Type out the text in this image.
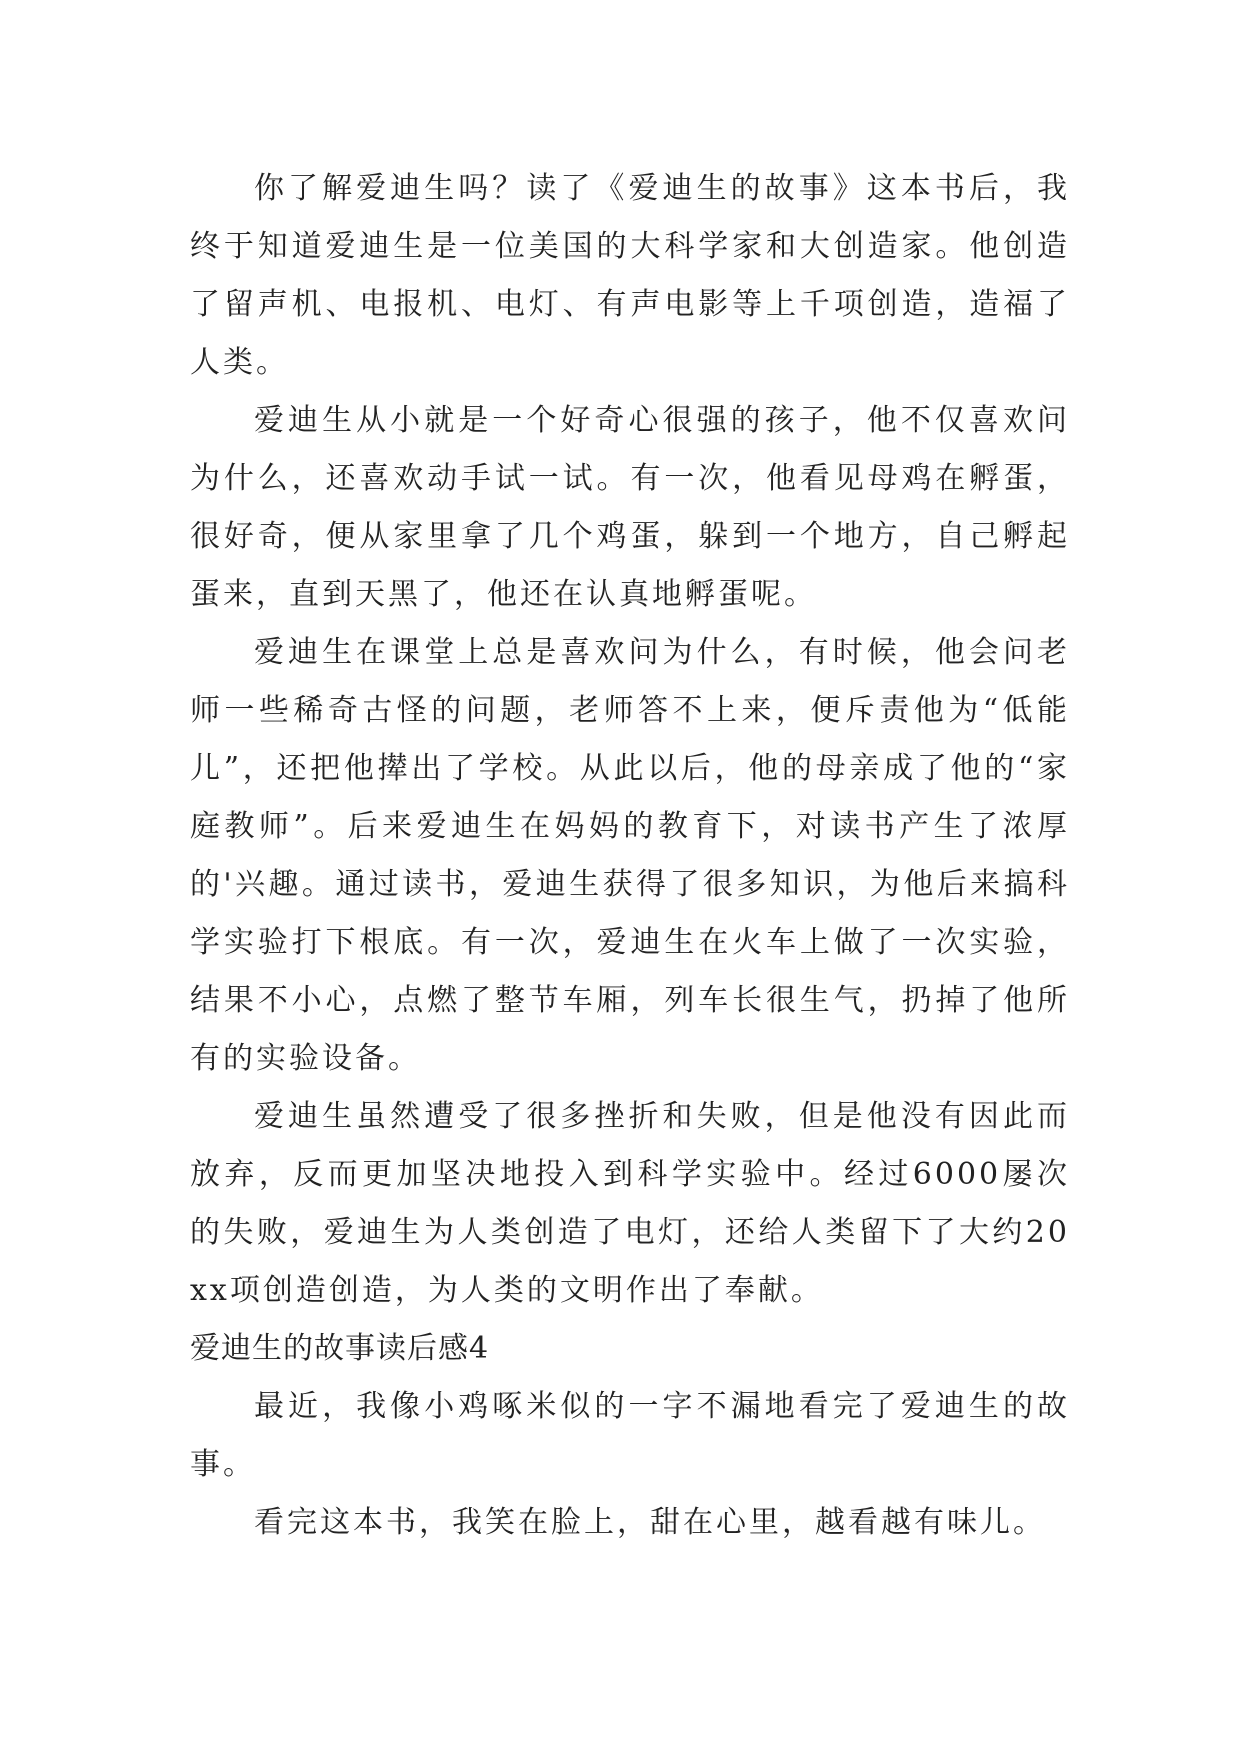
你了解爱迪生吗？读了《爱迪生的故事》这本书后，我终于知道爱迪生是一位美国的大科学家和大创造家。他创造了留声机、电报机、电灯、有声电影等上千项创造，造福了人类。

爱迪生从小就是一个好奇心很强的孩子，他不仅喜欢问为什么，还喜欢动手试一试。有一次，他看见母鸡在孵蛋，很好奇，便从家里拿了几个鸡蛋，躲到一个地方，自己孵起蛋来，直到天黑了，他还在认真地孵蛋呢。

爱迪生在课堂上总是喜欢问为什么，有时候，他会问老师一些稀奇古怪的问题，老师答不上来，便斥责他为“低能儿”，还把他撵出了学校。从此以后，他的母亲成了他的“家庭教师”。后来爱迪生在妈妈的教育下，对读书产生了浓厚的'兴趣。通过读书，爱迪生获得了很多知识，为他后来搞科学实验打下根底。有一次，爱迪生在火车上做了一次实验，结果不小心，点燃了整节车厢，列车长很生气，扔掉了他所有的实验设备。

爱迪生虽然遭受了很多挫折和失败，但是他没有因此而放弃，反而更加坚决地投入到科学实验中。经过6000屡次的失败，爱迪生为人类创造了电灯，还给人类留下了大约20xx项创造创造，为人类的文明作出了奉献。

爱迪生的故事读后感4

最近，我像小鸡啄米似的一字不漏地看完了爱迪生的故事。

看完这本书，我笑在脸上，甜在心里，越看越有味儿。
